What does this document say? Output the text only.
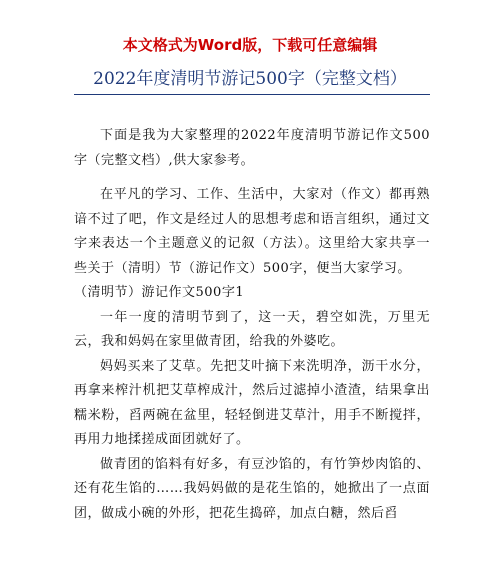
本文格式为Word版，下载可任意编辑
2022年度清明节游记500字（完整文档）

下面是我为大家整理的2022年度清明节游记作文500字（完整文档）,供大家参考。

在平凡的学习、工作、生活中，大家对（作文）都再熟谙不过了吧，作文是经过人的思想考虑和语言组织，通过文字来表达一个主题意义的记叙（方法）。这里给大家共享一些关于（清明）节（游记作文）500字，便当大家学习。

（清明节）游记作文500字1

一年一度的清明节到了，这一天，碧空如洗，万里无云，我和妈妈在家里做青团，给我的外婆吃。

妈妈买来了艾草。先把艾叶摘下来洗明净，沥干水分，再拿来榨汁机把艾草榨成汁，然后过滤掉小渣渣，结果拿出糯米粉，舀两碗在盆里，轻轻倒进艾草汁，用手不断搅拌，再用力地揉搓成面团就好了。

做青团的馅料有好多，有豆沙馅的，有竹笋炒肉馅的、还有花生馅的……我妈妈做的是花生馅的，她掀出了一点面团，做成小碗的外形，把花生捣碎，加点白糖，然后舀
